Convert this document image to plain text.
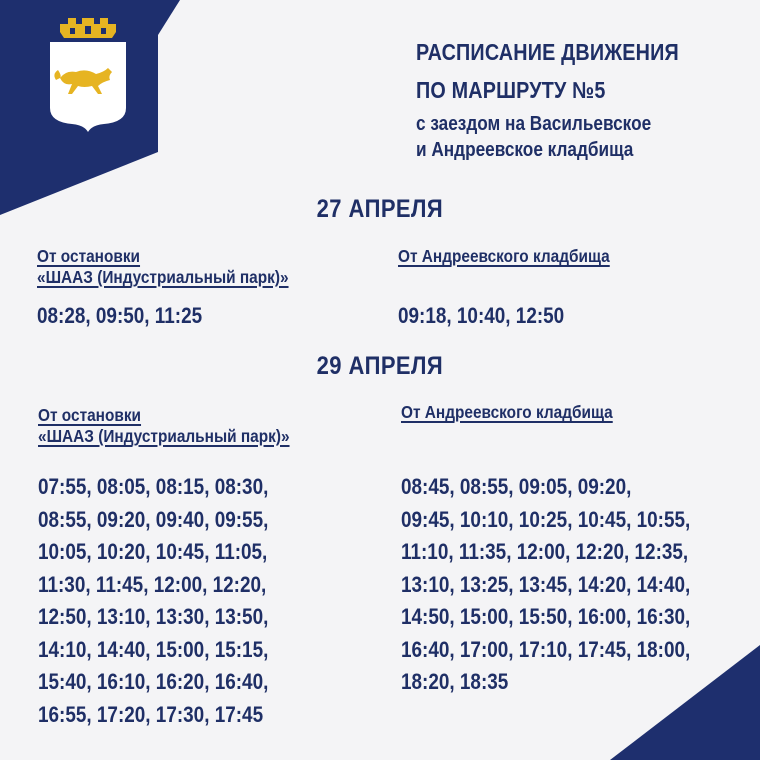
РАСПИСАНИЕ ДВИЖЕНИЯ
ПО МАРШРУТУ №5
с заездом на Васильевское
и Андреевское кладбища
27 АПРЕЛЯ
От остановки
«ШААЗ (Индустриальный парк)»
От Андреевского кладбища
08:28, 09:50, 11:25	09:18, 10:40, 12:50
29 АПРЕЛЯ
От остановки
«ШААЗ (Индустриальный парк)»
От Андреевского кладбища
07:55, 08:05, 08:15, 08:30,
08:55, 09:20, 09:40, 09:55,
10:05, 10:20, 10:45, 11:05,
11:30, 11:45, 12:00, 12:20,
12:50, 13:10, 13:30, 13:50,
14:10, 14:40, 15:00, 15:15,
15:40, 16:10, 16:20, 16:40,
16:55, 17:20, 17:30, 17:45
08:45, 08:55, 09:05, 09:20,
09:45, 10:10, 10:25, 10:45, 10:55,
11:10, 11:35, 12:00, 12:20, 12:35,
13:10, 13:25, 13:45, 14:20, 14:40,
14:50, 15:00, 15:50, 16:00, 16:30,
16:40, 17:00, 17:10, 17:45, 18:00,
18:20, 18:35
